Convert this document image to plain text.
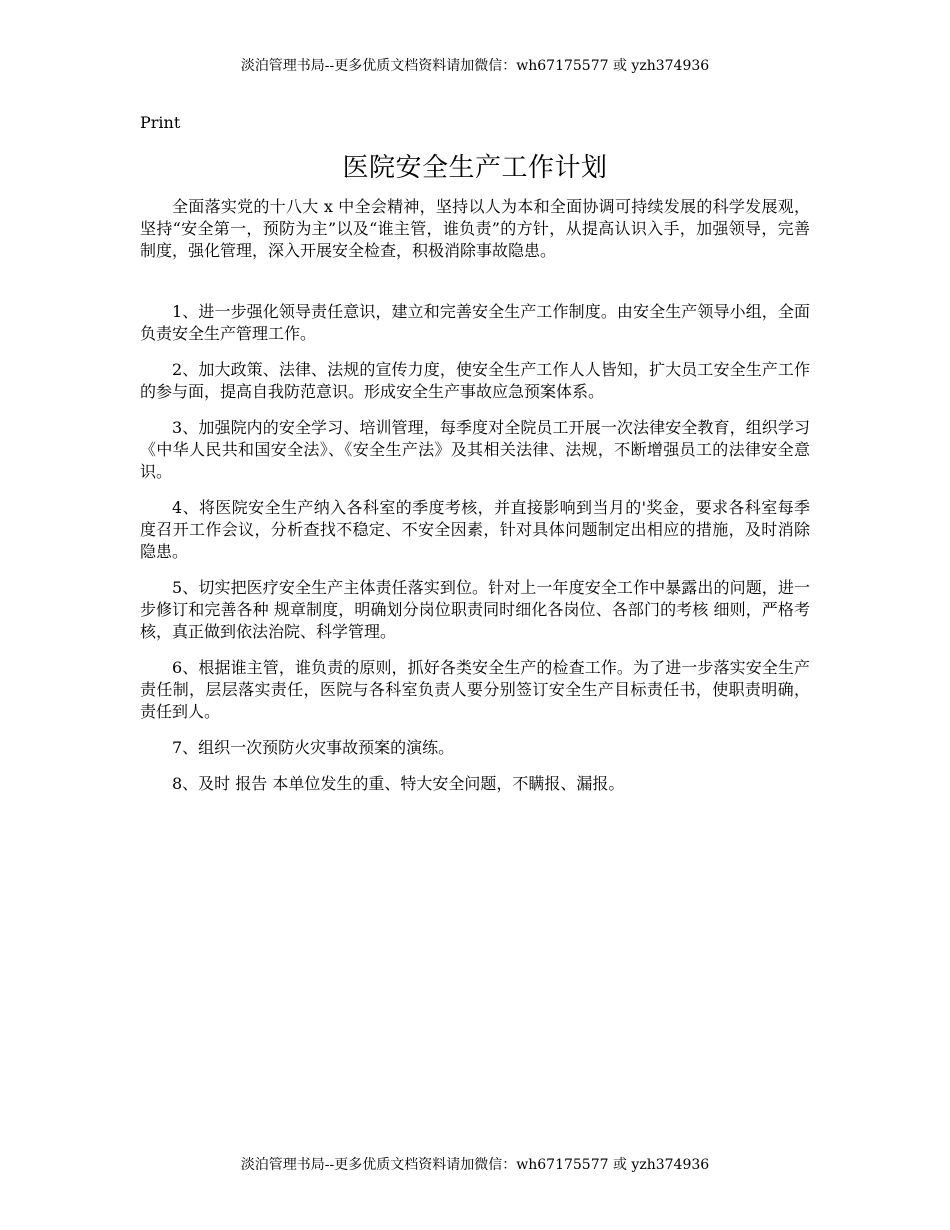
淡泊管理书局--更多优质文档资料请加微信：wh67175577 或 yzh374936

Print

医院安全生产工作计划

全面落实党的十八大 x 中全会精神，坚持以人为本和全面协调可持续发展的科学发展观，坚持“安全第一，预防为主”以及“谁主管，谁负责”的方针，从提高认识入手，加强领导，完善 制度，强化管理，深入开展安全检查，积极消除事故隐患。

1、进一步强化领导责任意识，建立和完善安全生产工作制度。由安全生产领导小组，全面负责安全生产管理工作。

2、加大政策、法律、法规的宣传力度，使安全生产工作人人皆知，扩大员工安全生产工作的参与面，提高自我防范意识。形成安全生产事故应急预案体系。

3、加强院内的安全学习、培训管理，每季度对全院员工开展一次法律安全教育，组织学习《中华人民共和国安全法》、《安全生产法》及其相关法律、法规，不断增强员工的法律安全意识。

4、将医院安全生产纳入各科室的季度考核，并直接影响到当月的'奖金，要求各科室每季度召开工作会议，分析查找不稳定、不安全因素，针对具体问题制定出相应的措施，及时消除隐患。

5、切实把医疗安全生产主体责任落实到位。针对上一年度安全工作中暴露出的问题，进一步修订和完善各种 规章制度，明确划分岗位职责同时细化各岗位、各部门的考核 细则，严格考核，真正做到依法治院、科学管理。

6、根据谁主管，谁负责的原则，抓好各类安全生产的检查工作。为了进一步落实安全生产责任制，层层落实责任，医院与各科室负责人要分别签订安全生产目标责任书，使职责明确，责任到人。

7、组织一次预防火灾事故预案的演练。

8、及时 报告 本单位发生的重、特大安全问题，不瞒报、漏报。

淡泊管理书局--更多优质文档资料请加微信：wh67175577 或 yzh374936
